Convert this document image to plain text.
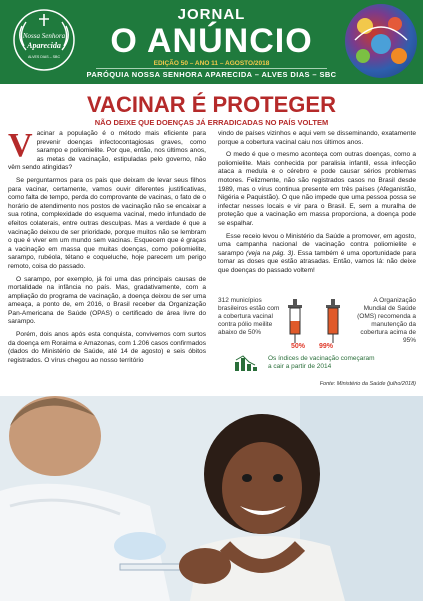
Nossa Senhora
Aparecida
ALVES DIAS – SBC
JORNAL
O ANÚNCIO
EDIÇÃO 50 – ANO 11 – AGOSTO/2018
PARÓQUIA NOSSA SENHORA APARECIDA – ALVES DIAS – SBC
VACINAR É PROTEGER
NÃO DEIXE QUE DOENÇAS JÁ ERRADICADAS NO PAÍS VOLTEM

Vacinar a população é o método mais eficiente para prevenir doenças infectocontagiosas graves, como sarampo e poliomielite. Por que, então, nos últimos anos, as metas de vacinação, estipuladas pelo governo, não vêm sendo atingidas?

Se perguntarmos para os pais que deixam de levar seus filhos para vacinar, certamente, vamos ouvir diferentes justificativas, como falta de tempo, perda do comprovante de vacinas, o fato de o horário de atendimento nos postos de vacinação não se encaixar a sua rotina, complexidade do esquema vacinal, medo infundado de efeitos colaterais, entre outras desculpas. Mas a verdade é que a vacinação deixou de ser prioridade, porque muitos não se lembram o que é viver em um mundo sem vacinas. Esquecem que é graças a vacinação em massa que muitas doenças, como poliomielite, sarampo, rubéola, tétano e coqueluche, hoje parecem um perigo remoto, coisa do passado.

O sarampo, por exemplo, já foi uma das principais causas de mortalidade na infância no país. Mas, gradativamente, com a ampliação do programa de vacinação, a doença deixou de ser uma ameaça, a ponto de, em 2016, o Brasil receber da Organização Pan-Americana de Saúde (OPAS) o certificado de área livre do sarampo.

Porém, dois anos após esta conquista, convivemos com surtos da doença em Roraima e Amazonas, com 1.206 casos confirmados (dados do Ministério de Saúde, até 14 de agosto) e seis óbitos registrados. O vírus chegou ao nosso território

vindo de países vizinhos e aqui vem se disseminando, exatamente porque a cobertura vacinal caiu nos últimos anos.

O medo é que o mesmo aconteça com outras doenças, como a poliomielite. Mais conhecida por paralisia infantil, essa infecção ataca a medula e o cérebro e pode causar sérios problemas motores. Felizmente, não são registrados casos no Brasil desde 1989, mas o vírus continua presente em três países (Afeganistão, Nigéria e Paquistão). O que não impede que uma pessoa possa se infectar nesses locais e vir para o Brasil. E, sem a muralha de proteção que a vacinação em massa proporciona, a doença pode se espalhar.

Esse receio levou o Ministério da Saúde a promover, em agosto, uma campanha nacional de vacinação contra poliomielite e sarampo (veja na pág. 3). Essa também é uma oportunidade para tomar as doses que estão atrasadas. Então, vamos lá: não deixe que doenças do passado voltem!

312 municípios brasileiros estão com a cobertura vacinal contra pólio meilite abaixo de 50%
50% 99%
A Organização Mundial de Saúde (OMS) recomenda a manutenção da cobertura acima de 95%
Os índices de vacinação começaram a cair a partir de 2014
Fonte: Ministério da Saúde (julho/2018)
